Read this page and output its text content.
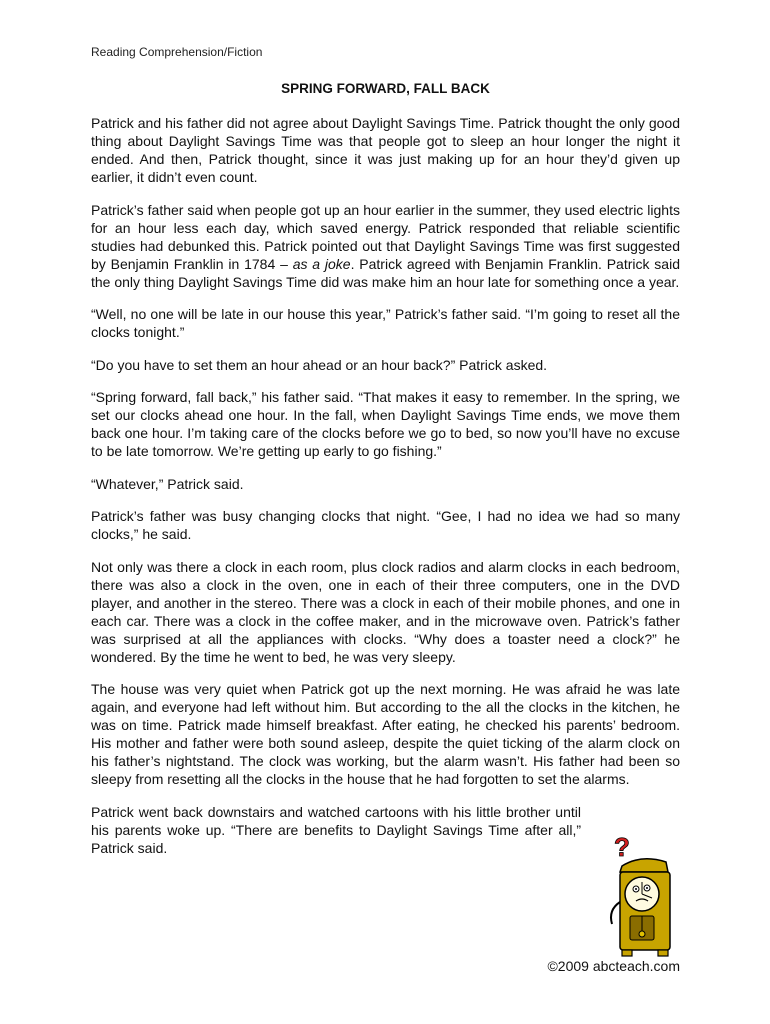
Reading Comprehension/Fiction
SPRING FORWARD, FALL BACK

Patrick and his father did not agree about Daylight Savings Time. Patrick thought the only good thing about Daylight Savings Time was that people got to sleep an hour longer the night it ended. And then, Patrick thought, since it was just making up for an hour they’d given up earlier, it didn’t even count.

Patrick’s father said when people got up an hour earlier in the summer, they used electric lights for an hour less each day, which saved energy. Patrick responded that reliable scientific studies had debunked this. Patrick pointed out that Daylight Savings Time was first suggested by Benjamin Franklin in 1784 – as a joke. Patrick agreed with Benjamin Franklin. Patrick said the only thing Daylight Savings Time did was make him an hour late for something once a year.

“Well, no one will be late in our house this year,” Patrick’s father said. “I’m going to reset all the clocks tonight.”

“Do you have to set them an hour ahead or an hour back?” Patrick asked.

“Spring forward, fall back,” his father said. “That makes it easy to remember. In the spring, we set our clocks ahead one hour. In the fall, when Daylight Savings Time ends, we move them back one hour. I’m taking care of the clocks before we go to bed, so now you’ll have no excuse to be late tomorrow. We’re getting up early to go fishing.”

“Whatever,” Patrick said.

Patrick’s father was busy changing clocks that night. “Gee, I had no idea we had so many clocks,” he said.

Not only was there a clock in each room, plus clock radios and alarm clocks in each bedroom, there was also a clock in the oven, one in each of their three computers, one in the DVD player, and another in the stereo. There was a clock in each of their mobile phones, and one in each car. There was a clock in the coffee maker, and in the microwave oven. Patrick’s father was surprised at all the appliances with clocks. “Why does a toaster need a clock?” he wondered. By the time he went to bed, he was very sleepy.

The house was very quiet when Patrick got up the next morning. He was afraid he was late again, and everyone had left without him. But according to the all the clocks in the kitchen, he was on time. Patrick made himself breakfast. After eating, he checked his parents’ bedroom. His mother and father were both sound asleep, despite the quiet ticking of the alarm clock on his father’s nightstand. The clock was working, but the alarm wasn’t. His father had been so sleepy from resetting all the clocks in the house that he had forgotten to set the alarms.

Patrick went back downstairs and watched cartoons with his little brother until his parents woke up. “There are benefits to Daylight Savings Time after all,” Patrick said.	?
©2009 abcteach.com
